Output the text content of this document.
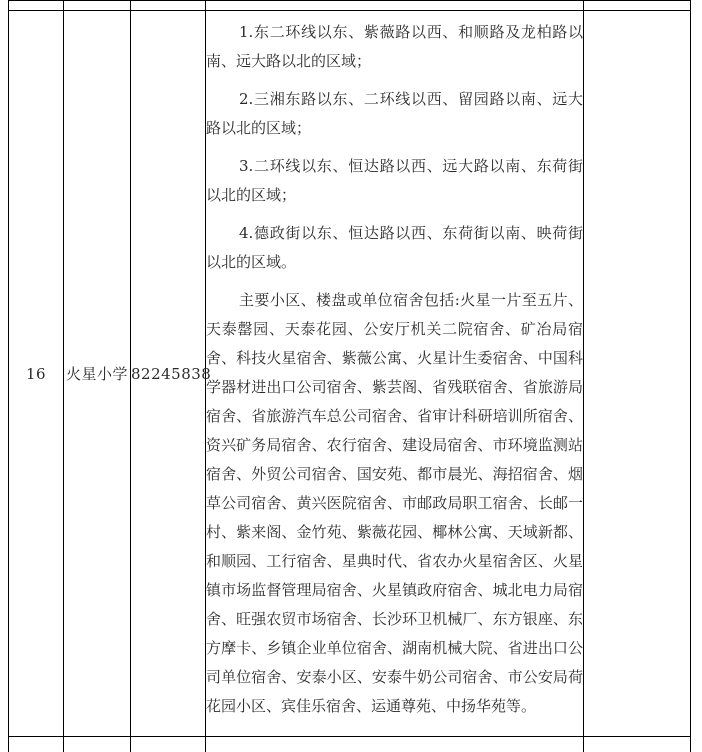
16	火星小学	82245838	1.东二环线以东、紫薇路以西、和顺路及龙柏路以南、远大路以北的区域；

2.三湘东路以东、二环线以西、留园路以南、远大路以北的区域；

3.二环线以东、恒达路以西、远大路以南、东荷街以北的区域；

4.德政街以东、恒达路以西、东荷街以南、映荷街以北的区域。

主要小区、楼盘或单位宿舍包括:火星一片至五片、天泰罄园、天泰花园、公安厅机关二院宿舍、矿冶局宿舍、科技火星宿舍、紫薇公寓、火星计生委宿舍、中国科学器材进出口公司宿舍、紫芸阁、省残联宿舍、省旅游局宿舍、省旅游汽车总公司宿舍、省审计科研培训所宿舍、资兴矿务局宿舍、农行宿舍、建设局宿舍、市环境监测站宿舍、外贸公司宿舍、国安苑、都市晨光、海招宿舍、烟草公司宿舍、黄兴医院宿舍、市邮政局职工宿舍、长邮一村、紫来阁、金竹苑、紫薇花园、椰林公寓、天域新都、和顺园、工行宿舍、星典时代、省农办火星宿舍区、火星镇市场监督管理局宿舍、火星镇政府宿舍、城北电力局宿舍、旺强农贸市场宿舍、长沙环卫机械厂、东方银座、东方摩卡、乡镇企业单位宿舍、湖南机械大院、省进出口公司单位宿舍、安泰小区、安泰牛奶公司宿舍、市公安局荷花园小区、宾佳乐宿舍、运通尊苑、中扬华苑等。	
